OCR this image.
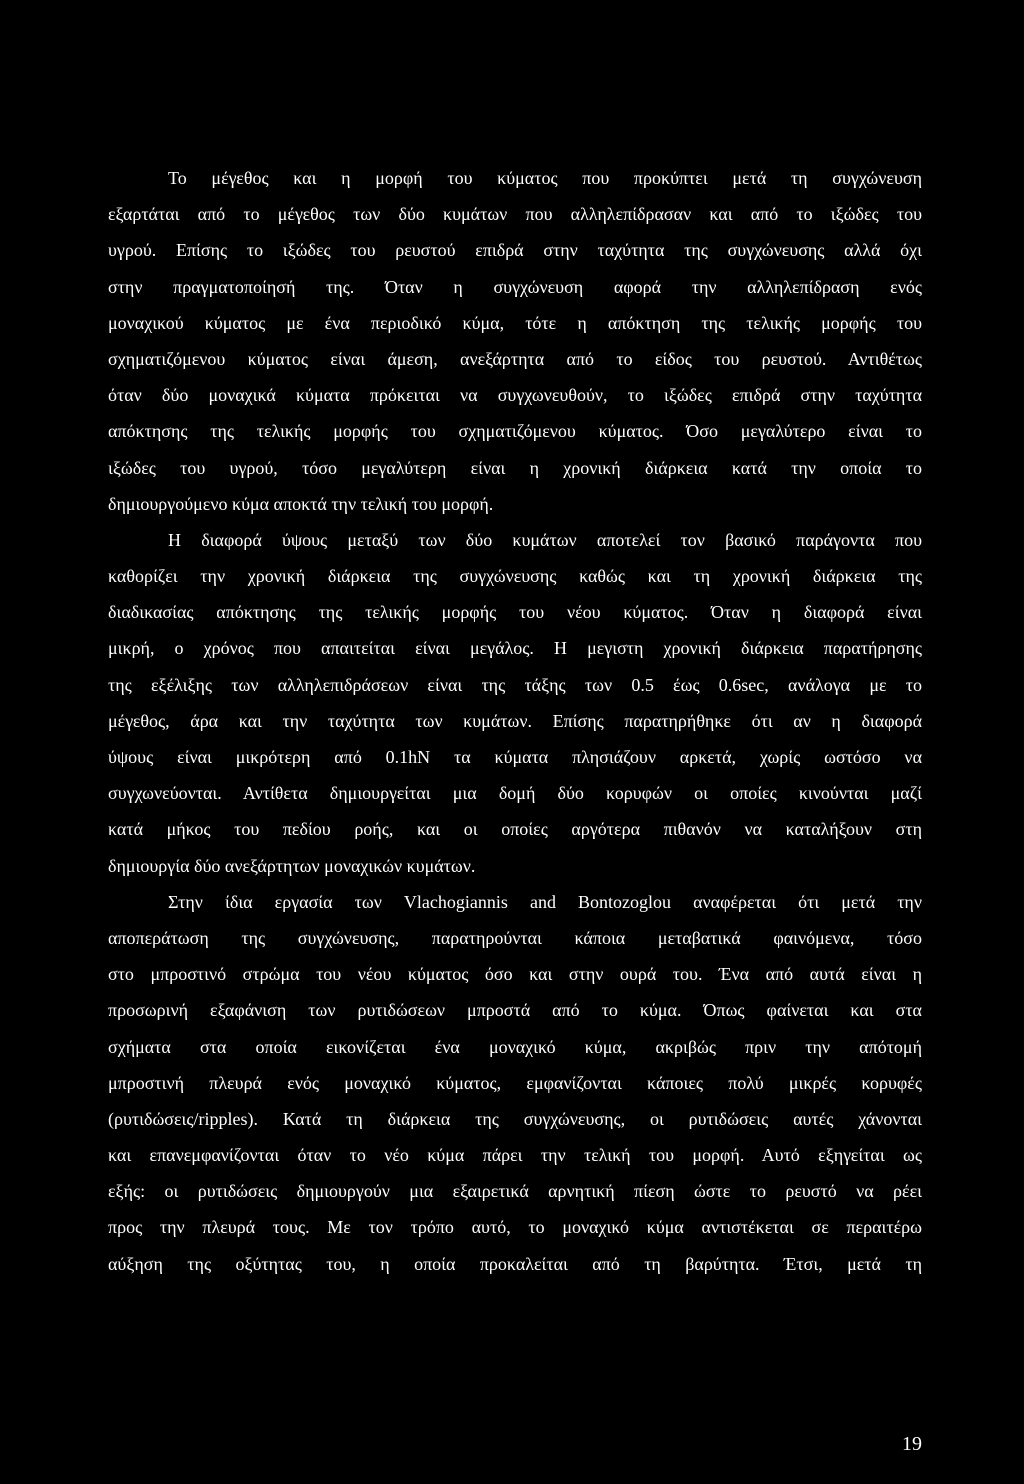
Το μέγεθος και η μορφή του κύματος που προκύπτει μετά τη συγχώνευση
εξαρτάται από το μέγεθος των δύο κυμάτων που αλληλεπίδρασαν και από το ιξώδες του
υγρού. Επίσης το ιξώδες του ρευστού επιδρά στην ταχύτητα της συγχώνευσης αλλά όχι
στην πραγματοποίησή της. Όταν η συγχώνευση αφορά την αλληλεπίδραση ενός
μοναχικού κύματος με ένα περιοδικό κύμα, τότε η απόκτηση της τελικής μορφής του
σχηματιζόμενου κύματος είναι άμεση, ανεξάρτητα από το είδος του ρευστού. Αντιθέτως
όταν δύο μοναχικά κύματα πρόκειται να συγχωνευθούν, το ιξώδες επιδρά στην ταχύτητα
απόκτησης της τελικής μορφής του σχηματιζόμενου κύματος. Όσο μεγαλύτερο είναι το
ιξώδες του υγρού, τόσο μεγαλύτερη είναι η χρονική διάρκεια κατά την οποία το
δημιουργούμενο κύμα αποκτά την τελική του μορφή.
Η διαφορά ύψους μεταξύ των δύο κυμάτων αποτελεί τον βασικό παράγοντα που
καθορίζει την χρονική διάρκεια της συγχώνευσης καθώς και τη χρονική διάρκεια της
διαδικασίας απόκτησης της τελικής μορφής του νέου κύματος. Όταν η διαφορά είναι
μικρή, ο χρόνος που απαιτείται είναι μεγάλος. Η μεγιστη χρονική διάρκεια παρατήρησης
της εξέλιξης των αλληλεπιδράσεων είναι της τάξης των 0.5 έως 0.6sec, ανάλογα με το
μέγεθος, άρα και την ταχύτητα των κυμάτων. Επίσης παρατηρήθηκε ότι αν η διαφορά
ύψους είναι μικρότερη από 0.1hN τα κύματα πλησιάζουν αρκετά, χωρίς ωστόσο να
συγχωνεύονται. Αντίθετα δημιουργείται μια δομή δύο κορυφών οι οποίες κινούνται μαζί
κατά μήκος του πεδίου ροής, και οι οποίες αργότερα πιθανόν να καταλήξουν στη
δημιουργία δύο ανεξάρτητων μοναχικών κυμάτων.
Στην ίδια εργασία των Vlachogiannis and Bontozoglou αναφέρεται ότι μετά την
αποπεράτωση της συγχώνευσης, παρατηρούνται κάποια μεταβατικά φαινόμενα, τόσο
στο μπροστινό στρώμα του νέου κύματος όσο και στην ουρά του. Ένα από αυτά είναι η
προσωρινή εξαφάνιση των ρυτιδώσεων μπροστά από το κύμα. Όπως φαίνεται και στα
σχήματα στα οποία εικονίζεται ένα μοναχικό κύμα, ακριβώς πριν την απότομή
μπροστινή πλευρά ενός μοναχικό κύματος, εμφανίζονται κάποιες πολύ μικρές κορυφές
(ρυτιδώσεις/ripples). Κατά τη διάρκεια της συγχώνευσης, οι ρυτιδώσεις αυτές χάνονται
και επανεμφανίζονται όταν το νέο κύμα πάρει την τελική του μορφή. Αυτό εξηγείται ως
εξής: οι ρυτιδώσεις δημιουργούν μια εξαιρετικά αρνητική πίεση ώστε το ρευστό να ρέει
προς την πλευρά τους. Με τον τρόπο αυτό, το μοναχικό κύμα αντιστέκεται σε περαιτέρω
αύξηση της οξύτητας του, η οποία προκαλείται από τη βαρύτητα. Έτσι, μετά τη
19
